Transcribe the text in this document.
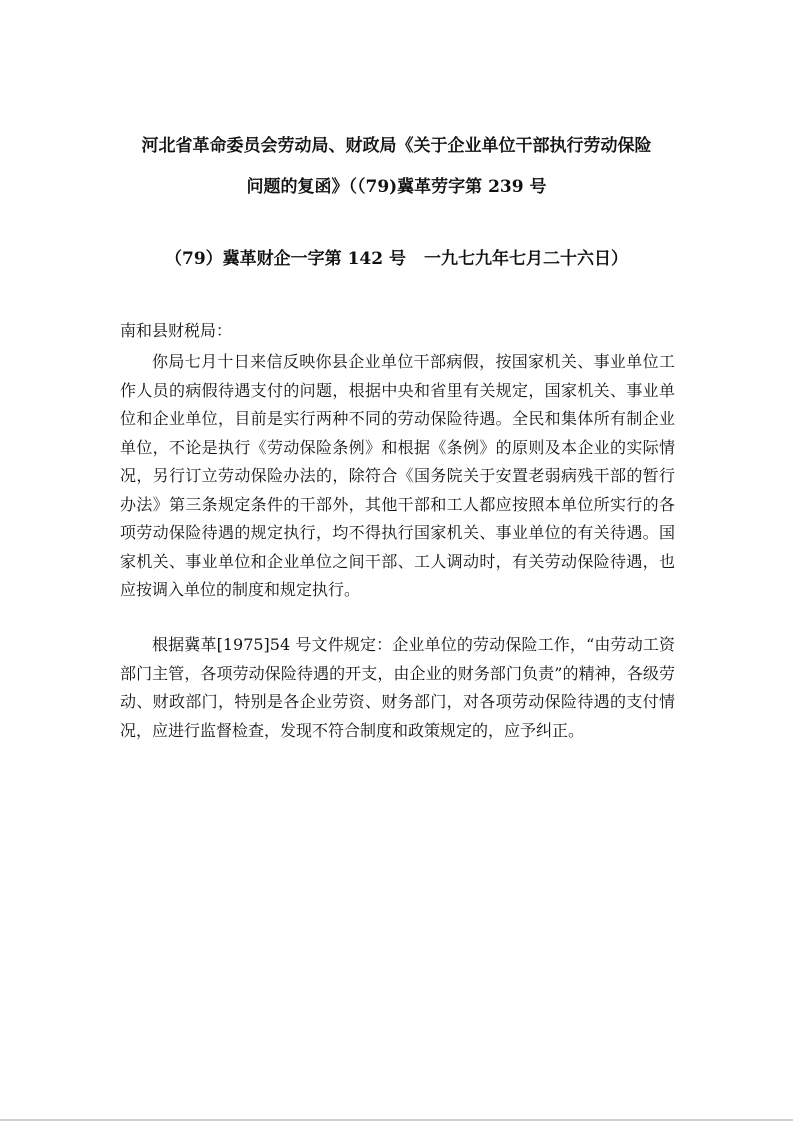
河北省革命委员会劳动局、财政局《关于企业单位干部执行劳动保险
问题的复函》（（79)冀革劳字第 239 号
（79）冀革财企一字第 142 号 一九七九年七月二十六日）
南和县财税局：
你局七月十日来信反映你县企业单位干部病假，按国家机关、事业单位工作人员的病假待遇支付的问题，根据中央和省里有关规定，国家机关、事业单位和企业单位，目前是实行两种不同的劳动保险待遇。全民和集体所有制企业单位，不论是执行《劳动保险条例》和根据《条例》的原则及本企业的实际情况，另行订立劳动保险办法的，除符合《国务院关于安置老弱病残干部的暂行办法》第三条规定条件的干部外，其他干部和工人都应按照本单位所实行的各项劳动保险待遇的规定执行，均不得执行国家机关、事业单位的有关待遇。国家机关、事业单位和企业单位之间干部、工人调动时，有关劳动保险待遇，也应按调入单位的制度和规定执行。
根据冀革[1975]54 号文件规定：企业单位的劳动保险工作，“由劳动工资部门主管，各项劳动保险待遇的开支，由企业的财务部门负责”的精神，各级劳动、财政部门，特别是各企业劳资、财务部门，对各项劳动保险待遇的支付情况，应进行监督检查，发现不符合制度和政策规定的，应予纠正。
